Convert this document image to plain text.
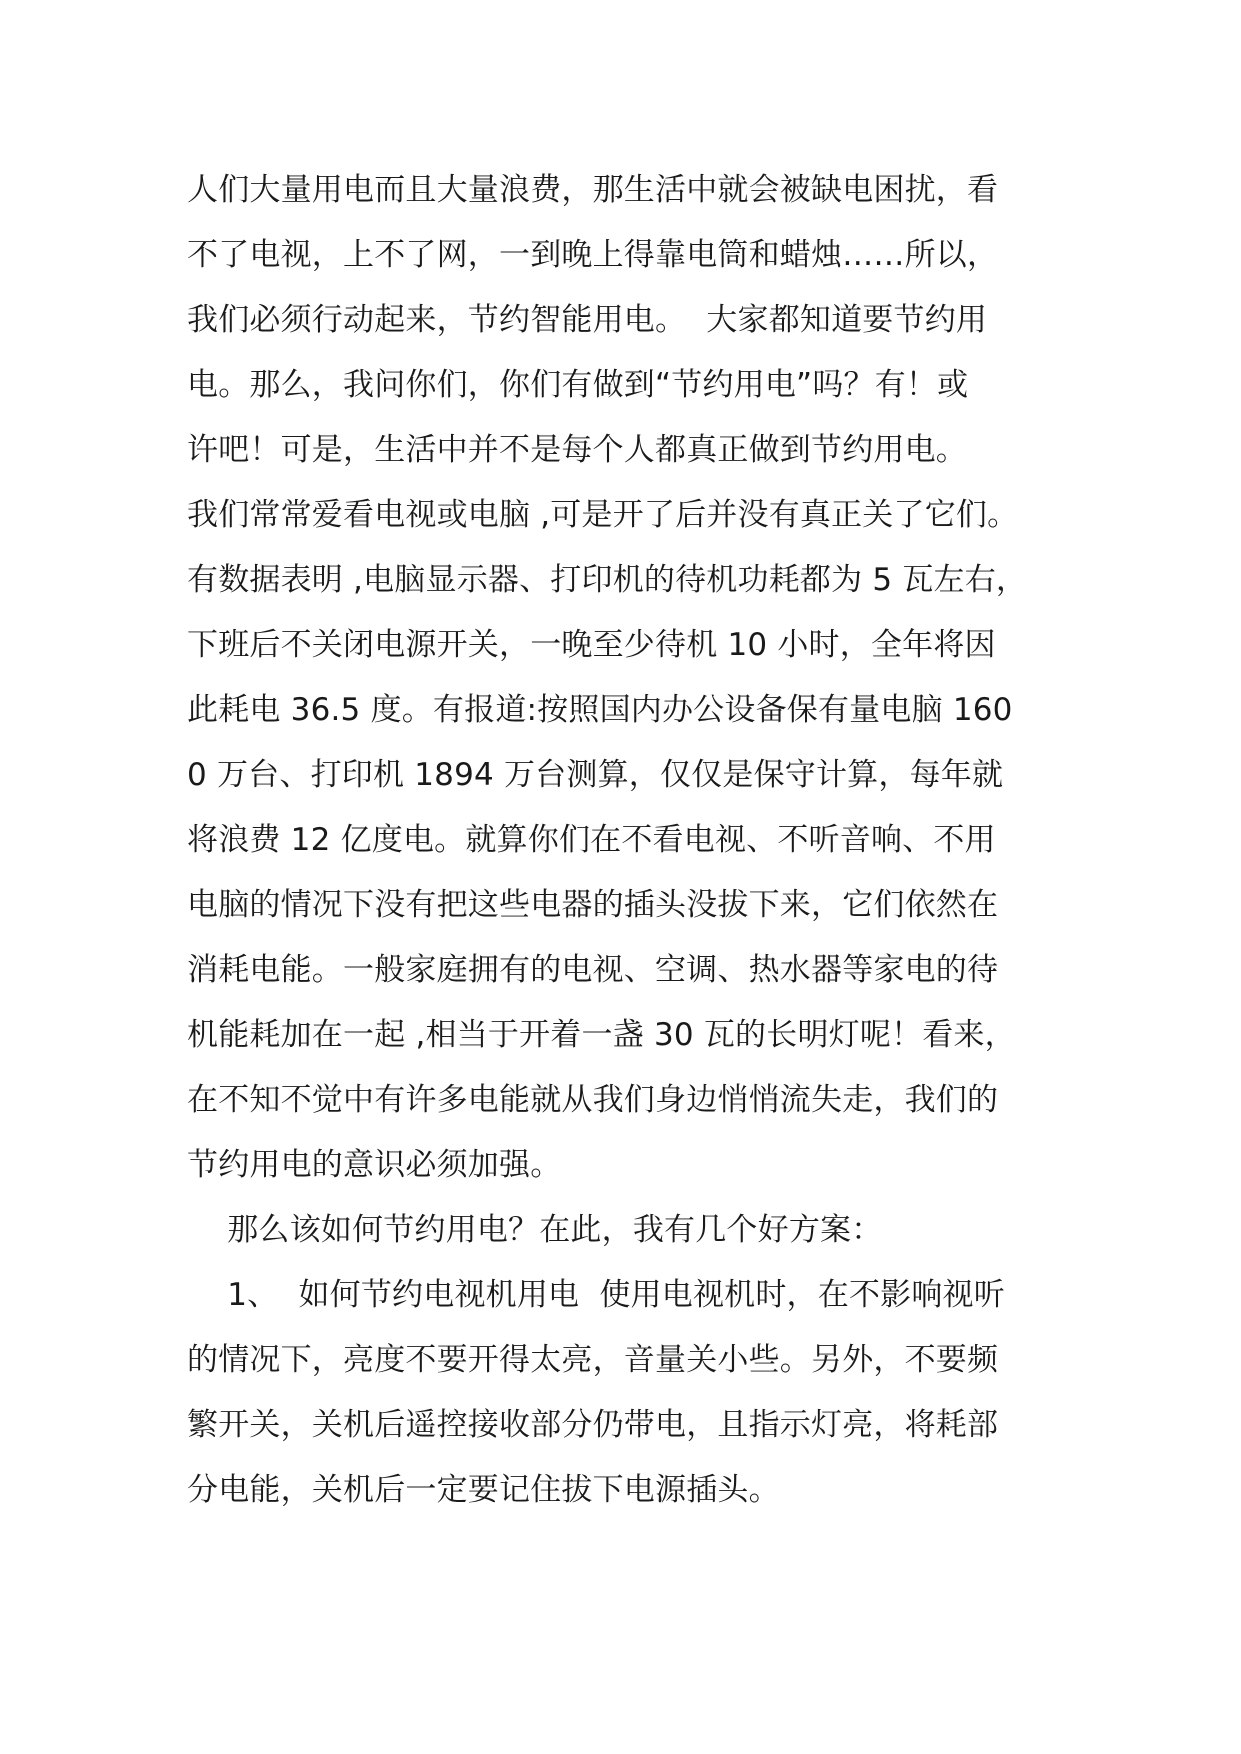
人们大量用电而且大量浪费，那生活中就会被缺电困扰，看
不了电视，上不了网，一到晚上得靠电筒和蜡烛……所以，
我们必须行动起来，节约智能用电。  大家都知道要节约用
电。那么，我问你们，你们有做到“节约用电”吗？有！或
许吧！可是，生活中并不是每个人都真正做到节约用电。
我们常常爱看电视或电脑 ,可是开了后并没有真正关了它们。
有数据表明 ,电脑显示器、打印机的待机功耗都为 5 瓦左右，
下班后不关闭电源开关，一晚至少待机 10 小时，全年将因
此耗电 36.5 度。有报道:按照国内办公设备保有量电脑 160
0 万台、打印机 1894 万台测算，仅仅是保守计算，每年就
将浪费 12 亿度电。就算你们在不看电视、不听音响、不用
电脑的情况下没有把这些电器的插头没拔下来，它们依然在
消耗电能。一般家庭拥有的电视、空调、热水器等家电的待
机能耗加在一起 ,相当于开着一盏 30 瓦的长明灯呢！看来，
在不知不觉中有许多电能就从我们身边悄悄流失走，我们的
节约用电的意识必须加强。
那么该如何节约用电？在此，我有几个好方案：
1、  如何节约电视机用电  使用电视机时，在不影响视听
的情况下，亮度不要开得太亮，音量关小些。另外，不要频
繁开关，关机后遥控接收部分仍带电，且指示灯亮，将耗部
分电能，关机后一定要记住拔下电源插头。
